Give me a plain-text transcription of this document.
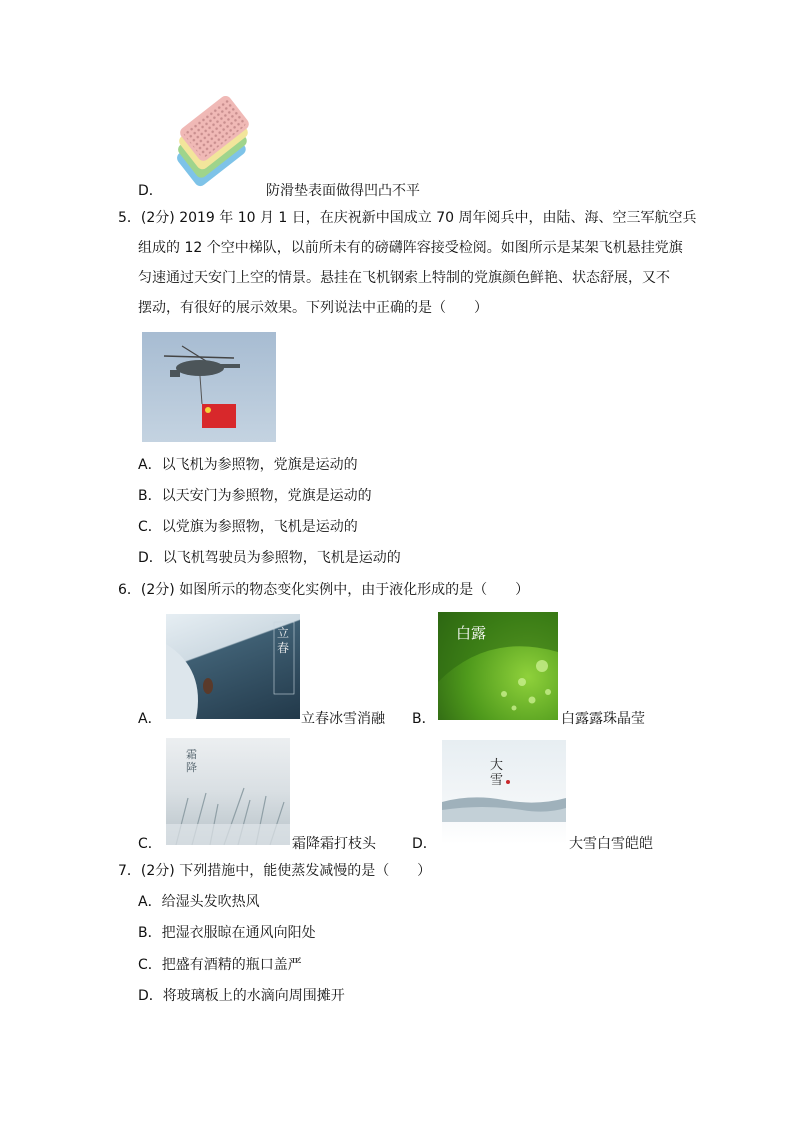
D．	防滑垫表面做得凹凸不平
5．(2分) 2019 年 10 月 1 日，在庆祝新中国成立 70 周年阅兵中，由陆、海、空三军航空兵
组成的 12 个空中梯队，以前所未有的磅礴阵容接受检阅。如图所示是某架飞机悬挂党旗
匀速通过天安门上空的情景。悬挂在飞机钢索上特制的党旗颜色鲜艳、状态舒展，又不
摆动，有很好的展示效果。下列说法中正确的是（　　）
A．以飞机为参照物，党旗是运动的
B．以天安门为参照物，党旗是运动的
C．以党旗为参照物，飞机是运动的
D．以飞机驾驶员为参照物，飞机是运动的
6．(2分) 如图所示的物态变化实例中，由于液化形成的是（　　）
立春
A．	立春冰雪消融
白露
B．	白露露珠晶莹
霜降
C．	霜降霜打枝头
大雪
D．	大雪白雪皑皑
7．(2分) 下列措施中，能使蒸发减慢的是（　　）
A．给湿头发吹热风
B．把湿衣服晾在通风向阳处
C．把盛有酒精的瓶口盖严
D．将玻璃板上的水滴向周围摊开
